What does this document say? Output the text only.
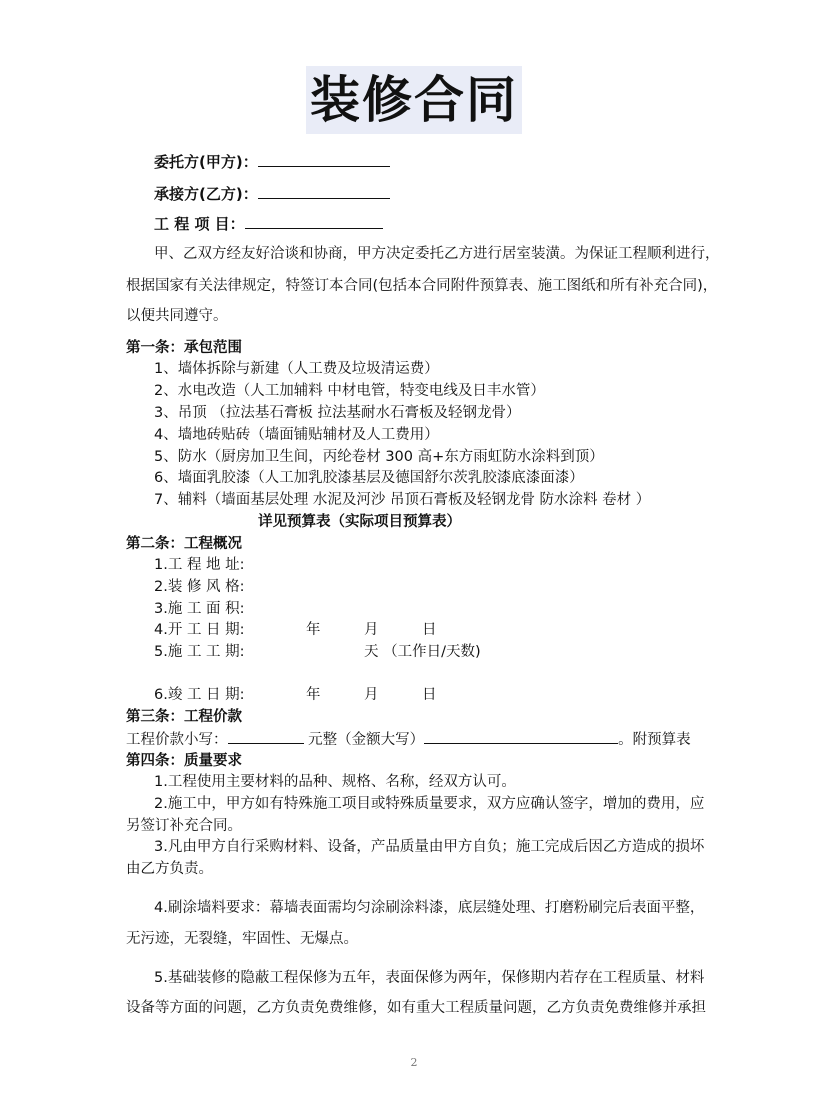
装修合同
委托方(甲方)：
承接方(乙方)：
工 程 项 目：
甲、乙双方经友好洽谈和协商，甲方决定委托乙方进行居室装潢。为保证工程顺利进行，
根据国家有关法律规定，特签订本合同(包括本合同附件预算表、施工图纸和所有补充合同)，
以便共同遵守。
第一条：承包范围
1、墙体拆除与新建（人工费及垃圾清运费）
2、水电改造（人工加辅料 中材电管，特变电线及日丰水管）
3、吊顶 （拉法基石膏板 拉法基耐水石膏板及轻钢龙骨）
4、墙地砖贴砖（墙面铺贴辅材及人工费用）
5、防水（厨房加卫生间，丙纶卷材 300 高+东方雨虹防水涂料到顶）
6、墙面乳胶漆（人工加乳胶漆基层及德国舒尔茨乳胶漆底漆面漆）
7、辅料（墙面基层处理 水泥及河沙 吊顶石膏板及轻钢龙骨 防水涂料 卷材 ）
详见预算表（实际项目预算表）
第二条：工程概况
1.工 程 地 址:
2.装 修 风 格:
3.施 工 面 积:
4.开 工 日 期:	年	月	日
5.施 工 工 期:	天 （工作日/天数)
6.竣 工 日 期:	年	月	日
第三条：工程价款
工程价款小写：	元整（金额大写）	。附预算表
第四条：质量要求
1.工程使用主要材料的品种、规格、名称，经双方认可。
2.施工中，甲方如有特殊施工项目或特殊质量要求，双方应确认签字，增加的费用，应
另签订补充合同。
3.凡由甲方自行采购材料、设备，产品质量由甲方自负；施工完成后因乙方造成的损坏
由乙方负责。
4.刷涂墙料要求：幕墙表面需均匀涂刷涂料漆，底层缝处理、打磨粉刷完后表面平整，
无污迹，无裂缝，牢固性、无爆点。
5.基础装修的隐蔽工程保修为五年，表面保修为两年，保修期内若存在工程质量、材料
设备等方面的问题，乙方负责免费维修，如有重大工程质量问题，乙方负责免费维修并承担
2
